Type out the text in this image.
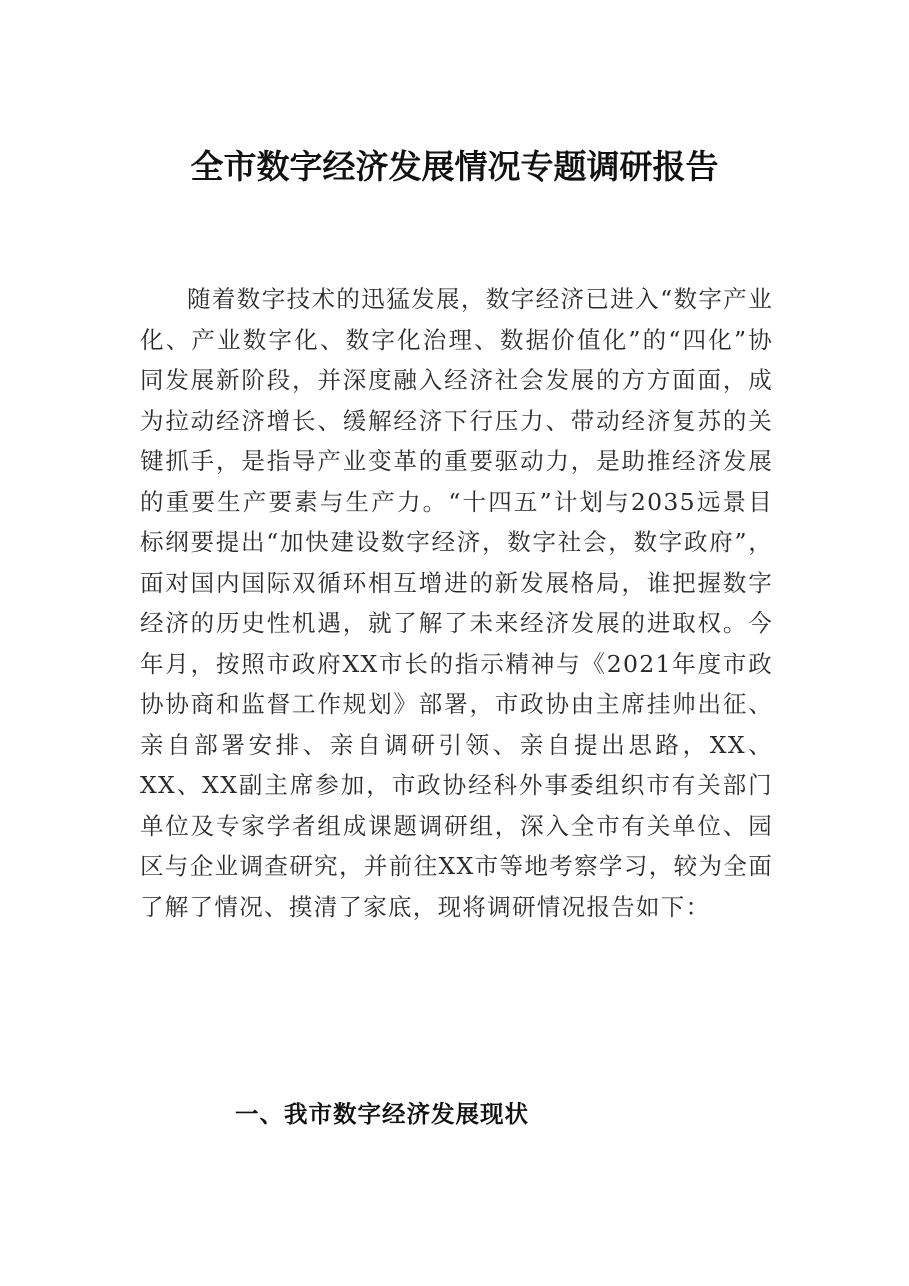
全市数字经济发展情况专题调研报告

随着数字技术的迅猛发展，数字经济已进入“数字产业化、产业数字化、数字化治理、数据价值化”的“四化”协同发展新阶段，并深度融入经济社会发展的方方面面，成为拉动经济增长、缓解经济下行压力、带动经济复苏的关键抓手，是指导产业变革的重要驱动力，是助推经济发展的重要生产要素与生产力。“十四五”计划与2035远景目标纲要提出“加快建设数字经济，数字社会，数字政府”，面对国内国际双循环相互增进的新发展格局，谁把握数字经济的历史性机遇，就了解了未来经济发展的进取权。今年月，按照市政府XX市长的指示精神与《2021年度市政协协商和监督工作规划》部署，市政协由主席挂帅出征、亲自部署安排、亲自调研引领、亲自提出思路，XX、XX、XX副主席参加，市政协经科外事委组织市有关部门单位及专家学者组成课题调研组，深入全市有关单位、园区与企业调查研究，并前往XX市等地考察学习，较为全面了解了情况、摸清了家底，现将调研情况报告如下：

一、我市数字经济发展现状
